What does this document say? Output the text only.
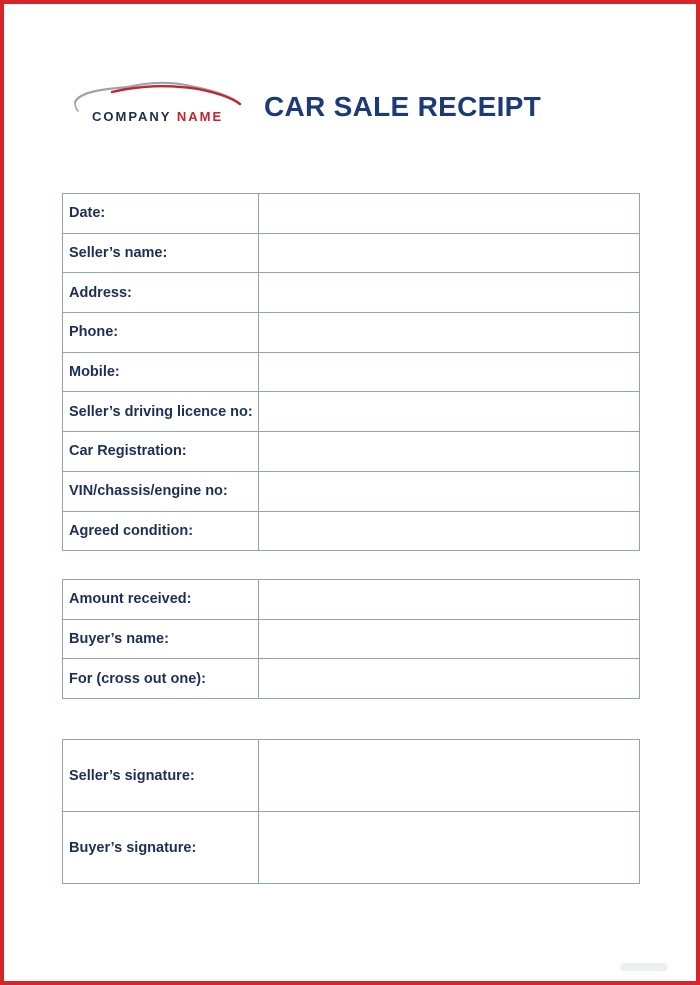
COMPANY NAME CAR SALE RECEIPT
Date:	
Seller’s name:	
Address:	
Phone:	
Mobile:	
Seller’s driving licence no:	
Car Registration:	
VIN/chassis/engine no:	
Agreed condition:	
Amount received:	
Buyer’s name:	
For (cross out one):	
Seller’s signature:	
Buyer’s signature:	
